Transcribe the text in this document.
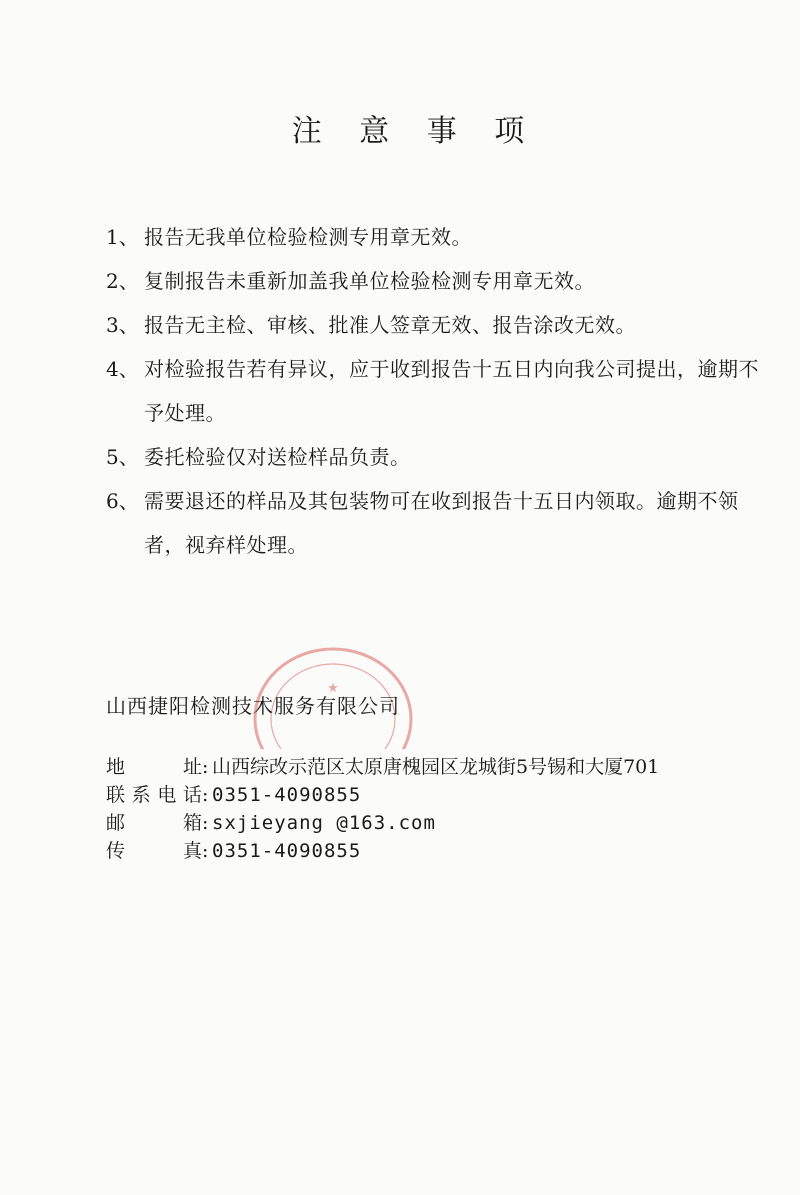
注 意 事 项
1、 报告无我单位检验检测专用章无效。
2、 复制报告未重新加盖我单位检验检测专用章无效。
3、 报告无主检、审核、批准人签章无效、报告涂改无效。
4、 对检验报告若有异议，应于收到报告十五日内向我公司提出，逾期不予处理。
5、 委托检验仅对送检样品负责。
6、 需要退还的样品及其包装物可在收到报告十五日内领取。逾期不领者，视弃样处理。
★
山西捷阳检测技术服务有限公司
地址 : 山西综改示范区太原唐槐园区龙城街5号锡和大厦701
联系电话 : 0351-4090855
邮箱 : sxjieyang @163.com
传真 : 0351-4090855
